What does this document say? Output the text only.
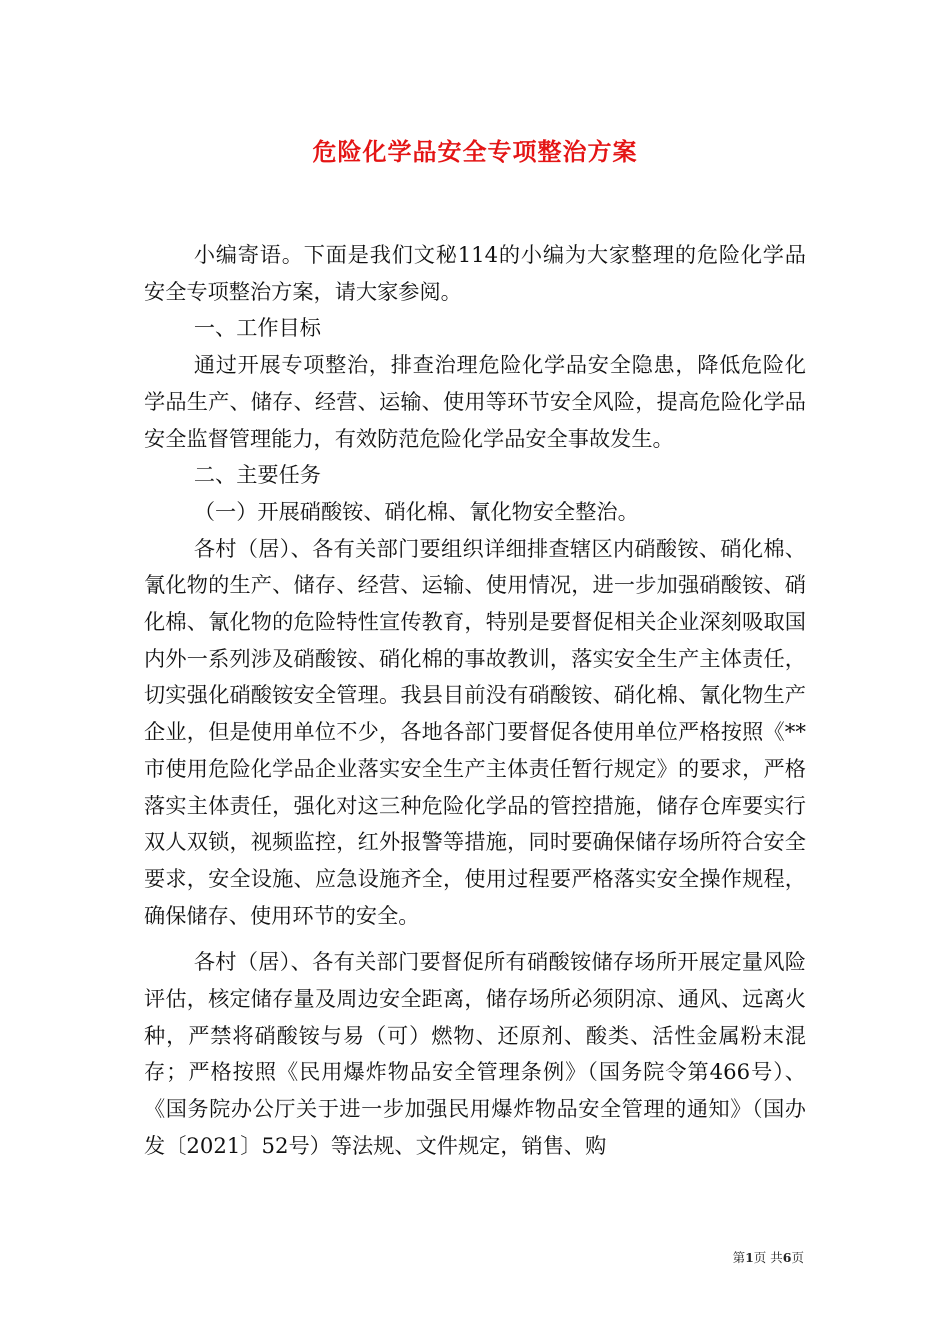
危险化学品安全专项整治方案

小编寄语。下面是我们文秘114的小编为大家整理的危险化学品安全专项整治方案，请大家参阅。

一、工作目标

通过开展专项整治，排查治理危险化学品安全隐患，降低危险化学品生产、储存、经营、运输、使用等环节安全风险，提高危险化学品安全监督管理能力，有效防范危险化学品安全事故发生。

二、主要任务

（一）开展硝酸铵、硝化棉、氰化物安全整治。

各村（居）、各有关部门要组织详细排查辖区内硝酸铵、硝化棉、氰化物的生产、储存、经营、运输、使用情况，进一步加强硝酸铵、硝化棉、氰化物的危险特性宣传教育，特别是要督促相关企业深刻吸取国内外一系列涉及硝酸铵、硝化棉的事故教训，落实安全生产主体责任，切实强化硝酸铵安全管理。我县目前没有硝酸铵、硝化棉、氰化物生产企业，但是使用单位不少，各地各部门要督促各使用单位严格按照《**市使用危险化学品企业落实安全生产主体责任暂行规定》的要求，严格落实主体责任，强化对这三种危险化学品的管控措施，储存仓库要实行双人双锁，视频监控，红外报警等措施，同时要确保储存场所符合安全要求，安全设施、应急设施齐全，使用过程要严格落实安全操作规程，确保储存、使用环节的安全。

各村（居）、各有关部门要督促所有硝酸铵储存场所开展定量风险评估，核定储存量及周边安全距离，储存场所必须阴凉、通风、远离火种，严禁将硝酸铵与易（可）燃物、还原剂、酸类、活性金属粉末混存；严格按照《民用爆炸物品安全管理条例》（国务院令第466号）、《国务院办公厅关于进一步加强民用爆炸物品安全管理的通知》（国办发〔2021〕52号）等法规、文件规定，销售、购

第1页 共6页
